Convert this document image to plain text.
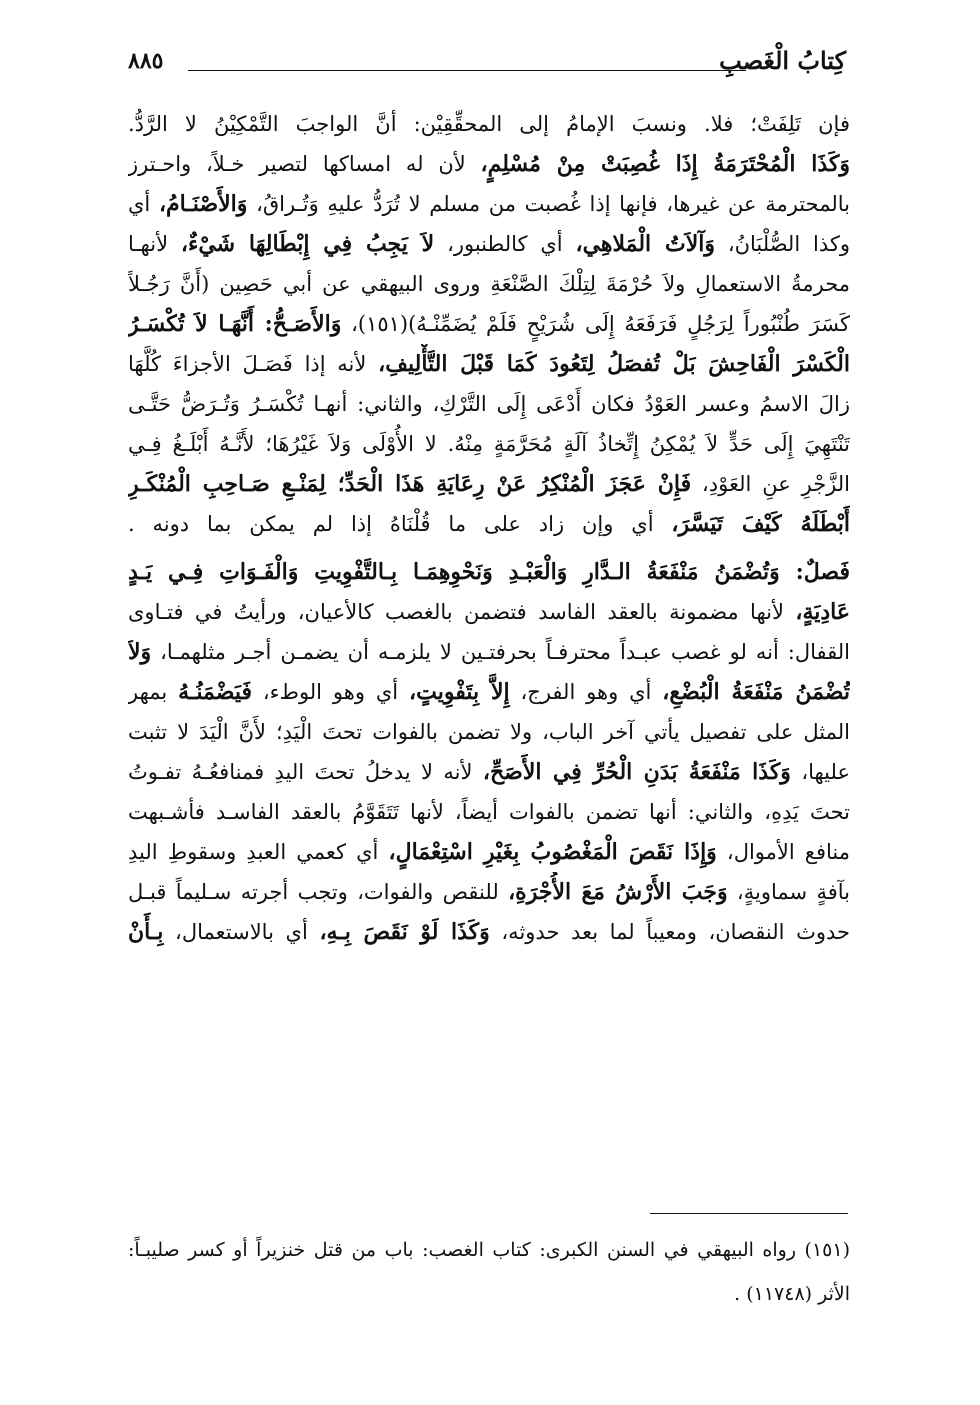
كِتابُ الْغَصبِ
٨٨٥
فإن تَلِفَتْ؛ فلا. ونسبَ الإمامُ إلى المحقِّقِيْن: أنَّ الواجبَ التَّمْكِيْنُ لا الرَّدُّ.
وَكَذَا الْمُحْتَرَمَةُ إِذَا غُصِبَتْ مِنْ مُسْلِمٍ، لأن له امساكها لتصير خـلاً، واحـترز
بالمحترمة عن غيرها، فإنها إذا غُصبت من مسلم لا تُرَدُّ عليهِ وَتُـراقُ، وَالأَصْنَـامُ، أي
وكذا الصُّلْبَانُ، وَآلاَتُ الْمَلاهِي، أي كالطنبور، لاَ يَجِبُ فِي إِبْطَالِهَا شَيْءٌ، لأنهـا
محرمةُ الاستعمالِ ولاَ حُرْمَةَ لِتِلْكَ الصَّنْعَةِ وروى البيهقي عن أبي حَصِين (أَنَّ رَجُـلاً
كَسَرَ طُنْبُوراً لِرَجُلٍ فَرَفَعَهُ إِلَى شُرَيْحٍ فَلَمْ يُضَمِّنْـهُ)(١٥١)، وَالأَصَـحُّ: أَنَّهَـا لاَ تُكْسَـرُ
الْكَسْرَ الْفَاحِشَ بَلْ تُفصَلُ لِتَعُودَ كَمَا قَبْلَ التَّأْلِيفِ، لأنه إذا فَصَـلَ الأجزاءَ كُلَّهَا
زالَ الاسمُ وعسر العَوْدُ فكان أَدْعَى إِلَى التَّرْكِ، والثاني: أنهـا تُكْسَـرُ وَتُـرَضُّ حَتَّـى
تَنْتَهِيَ إِلَى حَدٍّ لاَ يُمْكِنُ إِتِّخاذُ آلَةٍ مُحَرَّمَةٍ مِنْهُ. لا الأُوْلَى وَلاَ غَيْرُهَا؛ لأَنَّـهُ أَبْلَـغُ فِـي
الزَّجْرِ عنِ العَوْدِ، فَإِنْ عَجَزَ الْمُنْكِرُ عَنْ رِعَايَةِ هَذَا الْحَدِّ؛ لِمَنْـعِ صَـاحِبِ الْمُنْكَـرِ
أَبْطَلَهُ كَيْفَ تَيَسَّرَ، أي وإن زاد على ما قُلْنَاهُ إذا لم يمكن بما دونه .
فَصلٌ: وَتُضْمَنُ مَنْفَعَةُ الـدَّارِ وَالْعَبْـدِ وَنَحْوِهِمَـا بِـالتَّفْوِيتِ وَالْفَـوَاتِ فِـي يَـدٍ
عَادِيَةٍ، لأنها مضمونة بالعقد الفاسد فتضمن بالغصب كالأعيان، ورأيتُ في فتـاوى
القفال: أنه لو غصب عبـداً محترفـاً بحرفتـين لا يلزمـه أن يضمـن أجـر مثلهمـا، وَلاَ
تُضْمَنُ مَنْفَعَةُ الْبُضْعِ، أي وهو الفرج، إِلاَّ بِتَفْوِيتٍ، أي وهو الوطء، فَيَضْمَنُـهُ بمهر
المثل على تفصيل يأتي آخر الباب، ولا تضمن بالفوات تحتَ الْيَدِ؛ لأَنَّ الْيَدَ لا تثبت
عليها، وَكَذَا مَنْفَعَةُ بَدَنِ الْحُرِّ فِي الأَصَحِّ، لأنه لا يدخلُ تحتَ اليدِ فمنافعُـهُ تفـوتُ
تحتَ يَدِهِ، والثاني: أنها تضمن بالفوات أيضاً، لأنها تَتَقَوَّمُ بالعقد الفاسـد فأشـبهت
منافع الأموال، وَإِذَا نَقَصَ الْمَغْصُوبُ بِغَيْرِ اسْتِعْمَالٍ، أي كعمي العبدِ وسقوطِ اليدِ
بآفةٍ سماويةٍ، وَجَبَ الأَرْشُ مَعَ الأُجْرَةِ، للنقص والفوات، وتجب أجرته سـليماً قبـل
حدوث النقصان، ومعيباً لما بعد حدوثه، وَكَذَا لَوْ نَقَصَ بِـهِ، أي بالاستعمال، بِـأَنْ
(١٥١) رواه البيهقي في السنن الكبرى: كتاب الغصب: باب من قتل خنزيراً أو كسر صليبـاً:
الأثر (١١٧٤٨) .
